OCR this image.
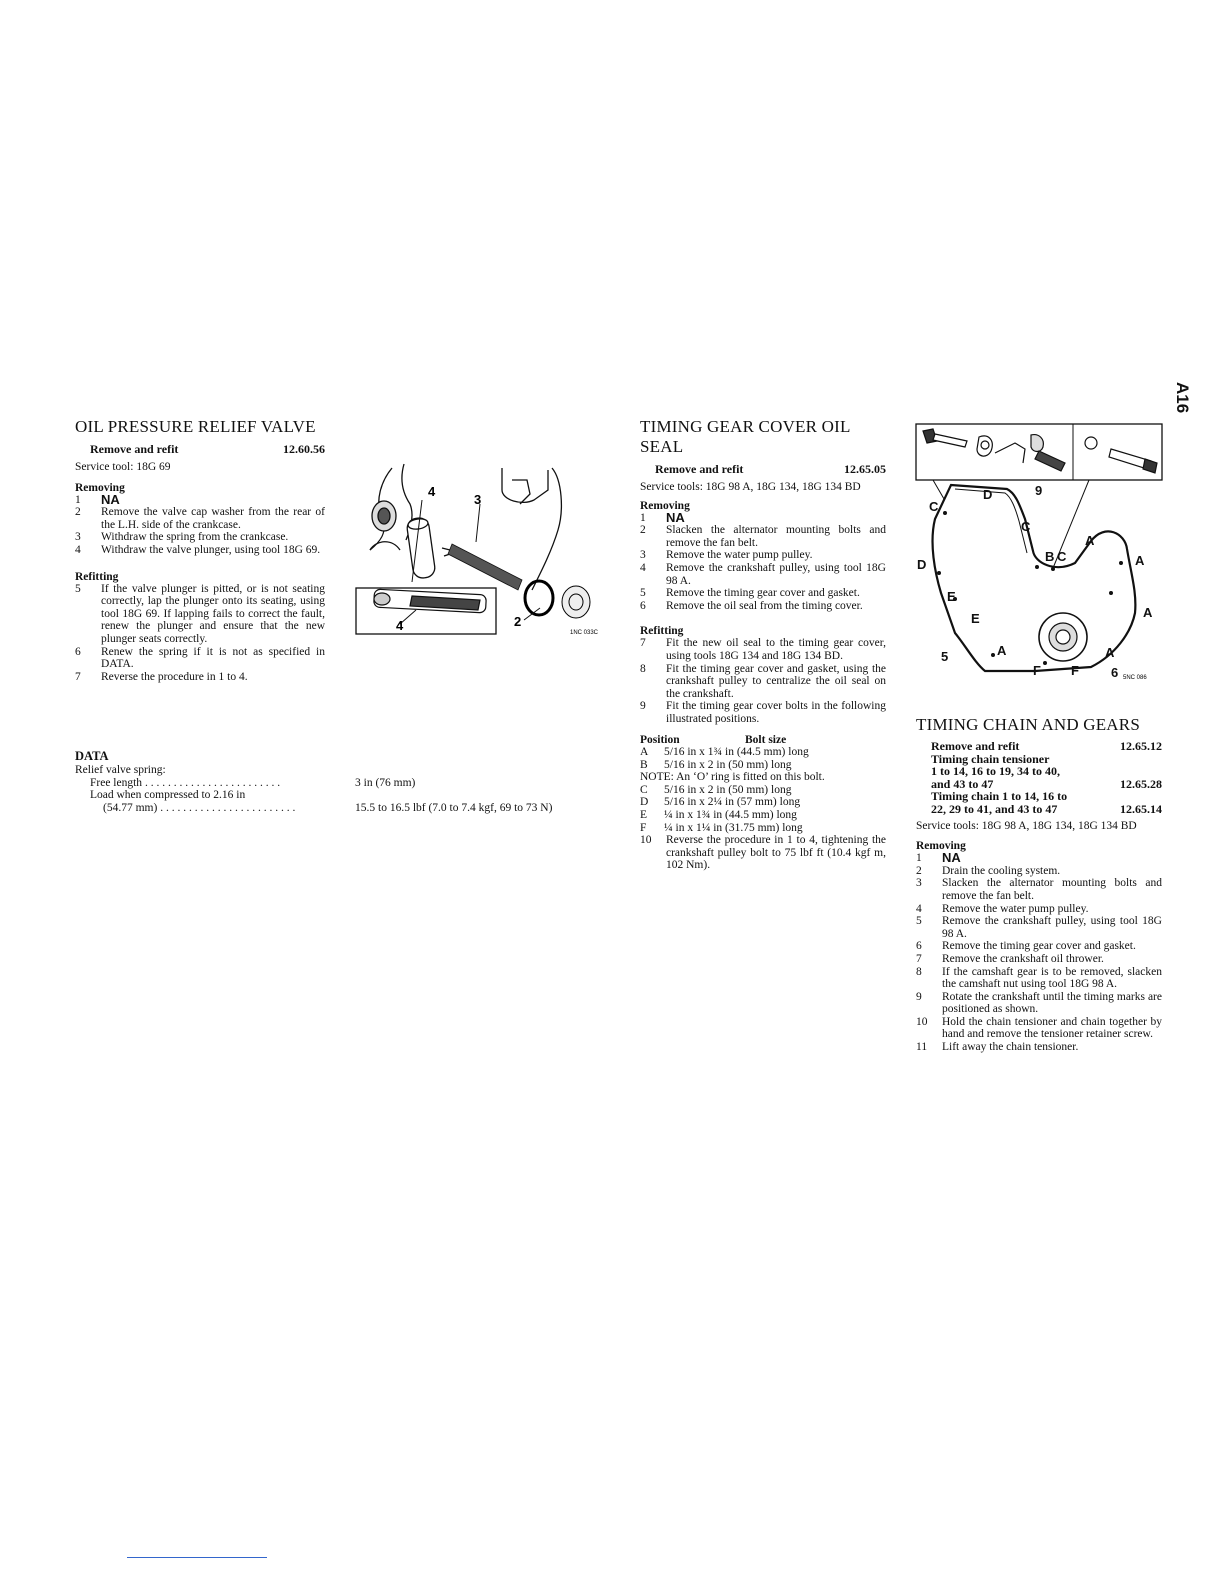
A16
OIL PRESSURE RELIEF VALVE
Remove and refit	12.60.56
Service tool: 18G 69
Removing
1	NA
2	Remove the valve cap washer from the rear of the L.H. side of the crankcase.
3	Withdraw the spring from the crankcase.
4	Withdraw the valve plunger, using tool 18G 69.
Refitting
5	If the valve plunger is pitted, or is not seating correctly, lap the plunger onto its seating, using tool 18G 69. If lapping fails to correct the fault, renew the plunger and ensure that the new plunger seats correctly.
6	Renew the spring if it is not as specified in DATA.
7	Reverse the procedure in 1 to 4.
DATA
Relief valve spring:
Free length . . . . . . . . . . . . . . . . . . . . . . . .	3 in (76 mm)
Load when compressed to 2.16 in
(54.77 mm) . . . . . . . . . . . . . . . . . . . . . . . .	15.5 to 16.5 lbf (7.0 to 7.4 kgf, 69 to 73 N)
4
3
4	2
1NC 033C
TIMING GEAR COVER OIL SEAL
Remove and refit	12.65.05
Service tools: 18G 98 A, 18G 134, 18G 134 BD
Removing
1	NA
2	Slacken the alternator mounting bolts and remove the fan belt.
3	Remove the water pump pulley.
4	Remove the crankshaft pulley, using tool 18G 98 A.
5	Remove the timing gear cover and gasket.
6	Remove the oil seal from the timing cover.
Refitting
7	Fit the new oil seal to the timing gear cover, using tools 18G 134 and 18G 134 BD.
8	Fit the timing gear cover and gasket, using the crankshaft pulley to centralize the oil seal on the crankshaft.
9	Fit the timing gear cover bolts in the following illustrated positions.
Position	Bolt size
A	5/16 in x 1¾ in (44.5 mm) long
B	5/16 in x 2 in (50 mm) long
NOTE: An ‘O’ ring is fitted on this bolt.
C	5/16 in x 2 in (50 mm) long
D	5/16 in x 2¼ in (57 mm) long
E	¼ in x 1¾ in (44.5 mm) long
F	¼ in x 1¼ in (31.75 mm) long
10	Reverse the procedure in 1 to 4, tightening the crankshaft pulley bolt to 75 lbf ft (10.4 kgf m, 102 Nm).
D	9
C
C
A
B C	A
D
E
A
E
5	A	A
F F 6 5NC 086
TIMING CHAIN AND GEARS
Remove and refit	12.65.12
Timing chain tensioner
1 to 14, 16 to 19, 34 to 40,
and 43 to 47	12.65.28
Timing chain 1 to 14, 16 to
22, 29 to 41, and 43 to 47	12.65.14
Service tools: 18G 98 A, 18G 134, 18G 134 BD
Removing
1	NA
2	Drain the cooling system.
3	Slacken the alternator mounting bolts and remove the fan belt.
4	Remove the water pump pulley.
5	Remove the crankshaft pulley, using tool 18G 98 A.
6	Remove the timing gear cover and gasket.
7	Remove the crankshaft oil thrower.
8	If the camshaft gear is to be removed, slacken the camshaft nut using tool 18G 98 A.
9	Rotate the crankshaft until the timing marks are positioned as shown.
10	Hold the chain tensioner and chain together by hand and remove the tensioner retainer screw.
11	Lift away the chain tensioner.
